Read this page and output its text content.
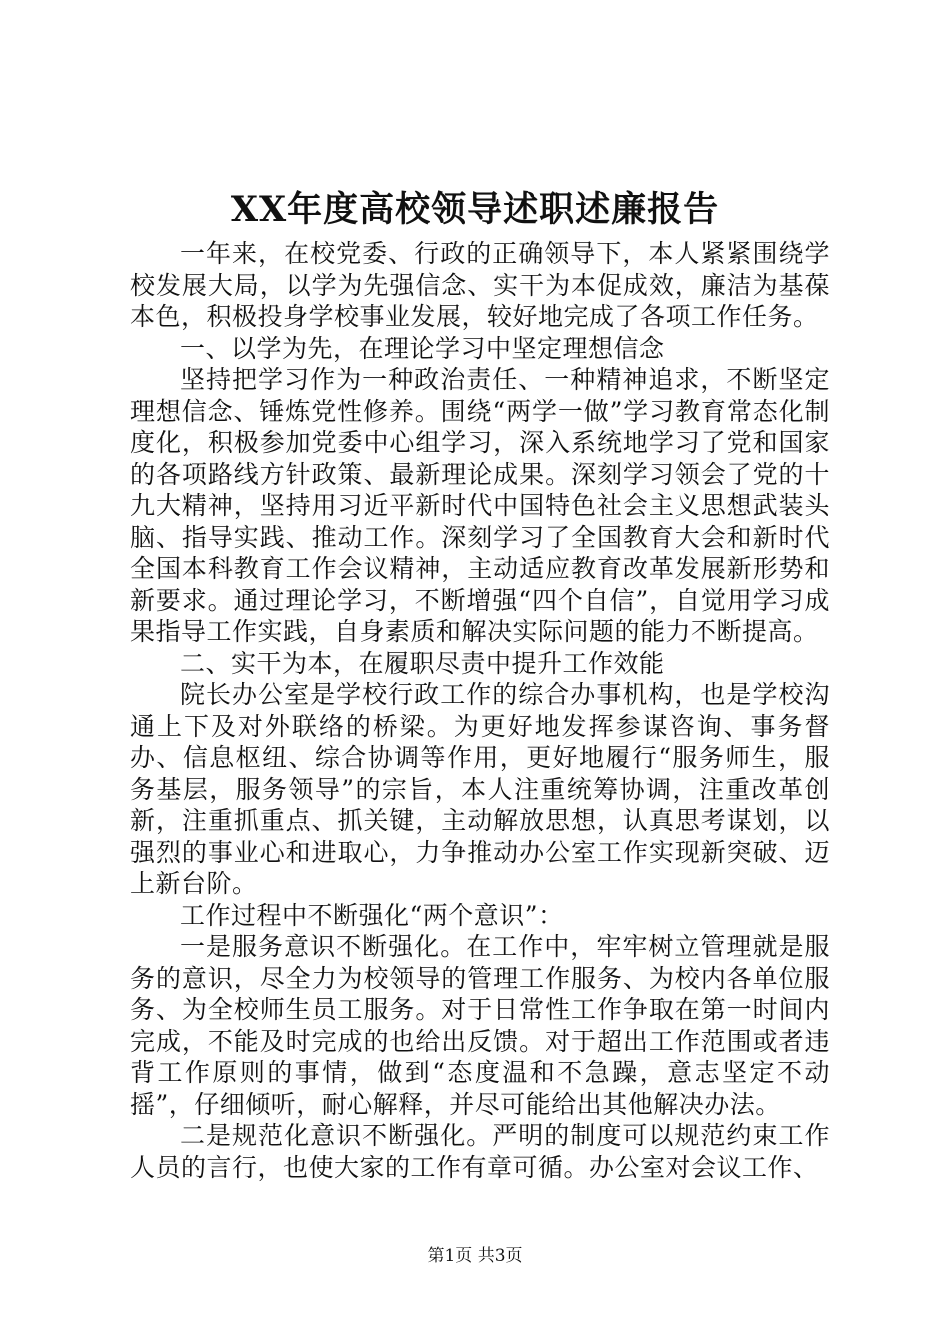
XX年度高校领导述职述廉报告

一年来，在校党委、行政的正确领导下，本人紧紧围绕学校发展大局，以学为先强信念、实干为本促成效，廉洁为基葆本色，积极投身学校事业发展，较好地完成了各项工作任务。

一、以学为先，在理论学习中坚定理想信念

坚持把学习作为一种政治责任、一种精神追求，不断坚定理想信念、锤炼党性修养。围绕“两学一做”学习教育常态化制度化，积极参加党委中心组学习，深入系统地学习了党和国家的各项路线方针政策、最新理论成果。深刻学习领会了党的十九大精神，坚持用习近平新时代中国特色社会主义思想武装头脑、指导实践、推动工作。深刻学习了全国教育大会和新时代全国本科教育工作会议精神，主动适应教育改革发展新形势和新要求。通过理论学习，不断增强“四个自信”，自觉用学习成果指导工作实践，自身素质和解决实际问题的能力不断提高。

二、实干为本，在履职尽责中提升工作效能

院长办公室是学校行政工作的综合办事机构，也是学校沟通上下及对外联络的桥梁。为更好地发挥参谋咨询、事务督办、信息枢纽、综合协调等作用，更好地履行“服务师生，服务基层，服务领导”的宗旨，本人注重统筹协调，注重改革创新，注重抓重点、抓关键，主动解放思想，认真思考谋划，以强烈的事业心和进取心，力争推动办公室工作实现新突破、迈上新台阶。

工作过程中不断强化“两个意识”：

一是服务意识不断强化。在工作中，牢牢树立管理就是服务的意识，尽全力为校领导的管理工作服务、为校内各单位服务、为全校师生员工服务。对于日常性工作争取在第一时间内完成，不能及时完成的也给出反馈。对于超出工作范围或者违背工作原则的事情，做到“态度温和不急躁，意志坚定不动摇”，仔细倾听，耐心解释，并尽可能给出其他解决办法。

二是规范化意识不断强化。严明的制度可以规范约束工作人员的言行，也使大家的工作有章可循。办公室对会议工作、

第1页 共3页
